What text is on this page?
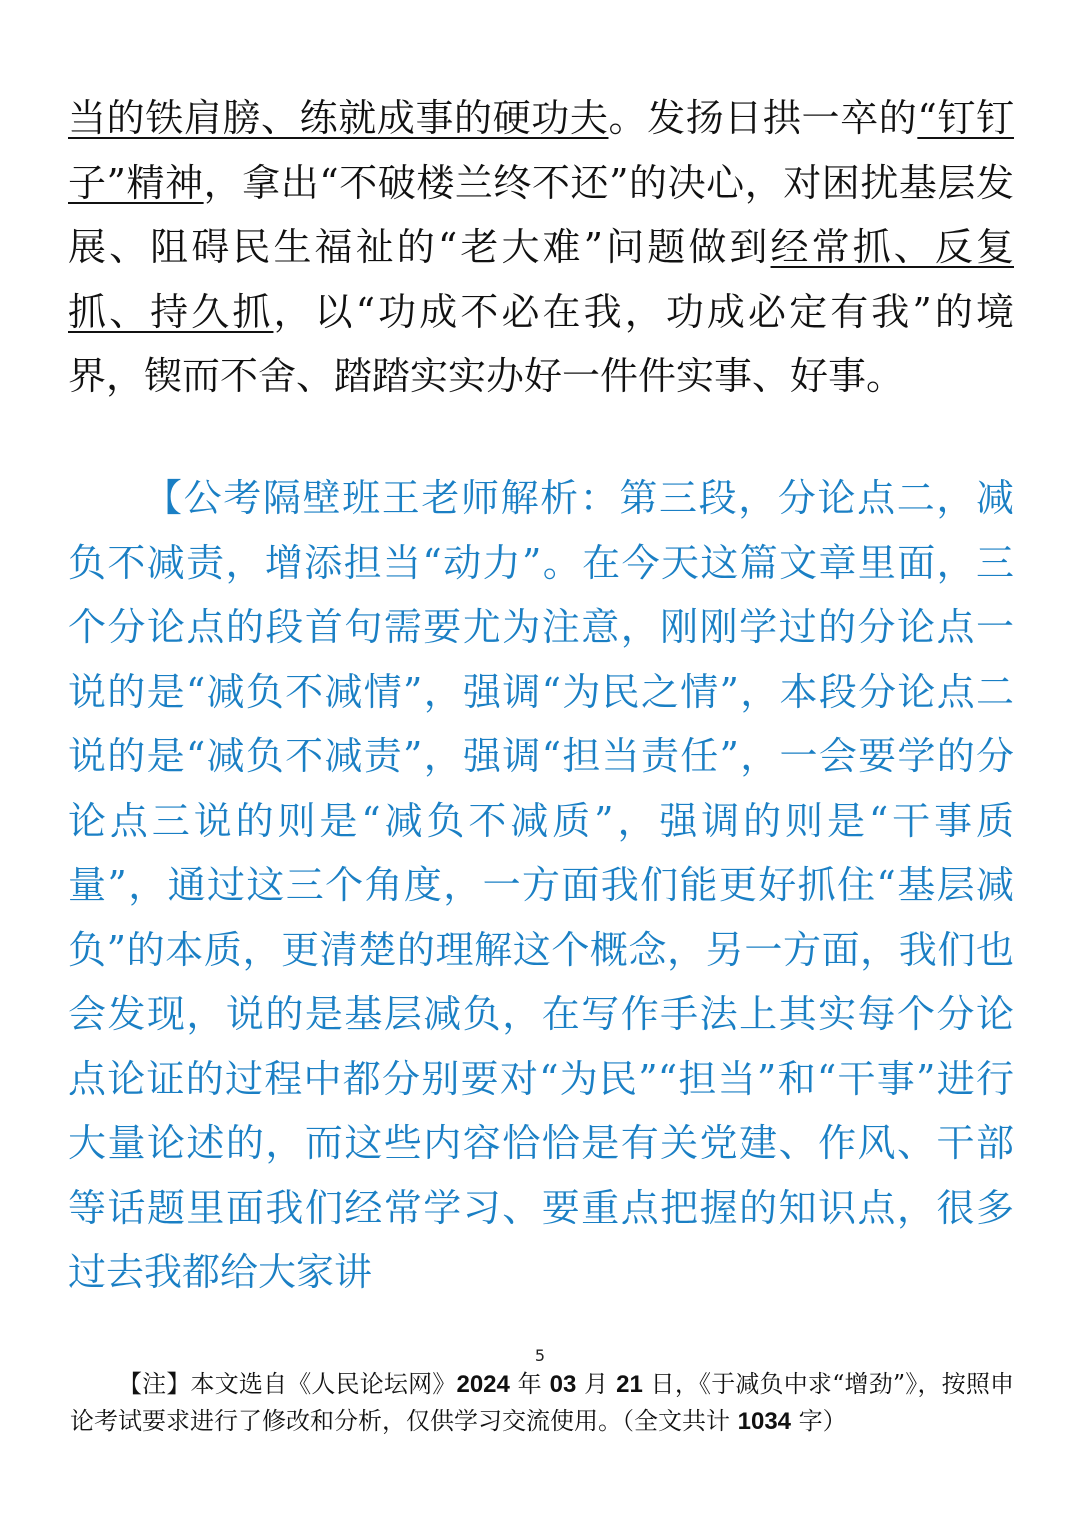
当的铁肩膀、练就成事的硬功夫。发扬日拱一卒的“钉钉子”精神，拿出“不破楼兰终不还”的决心，对困扰基层发展、阻碍民生福祉的“老大难”问题做到经常抓、反复抓、持久抓，以“功成不必在我，功成必定有我”的境界，锲而不舍、踏踏实实办好一件件实事、好事。

【公考隔壁班王老师解析：第三段，分论点二，减负不减责，增添担当“动力”。在今天这篇文章里面，三个分论点的段首句需要尤为注意，刚刚学过的分论点一说的是“减负不减情”，强调“为民之情”，本段分论点二说的是“减负不减责”，强调“担当责任”，一会要学的分论点三说的则是“减负不减质”，强调的则是“干事质量”，通过这三个角度，一方面我们能更好抓住“基层减负”的本质，更清楚的理解这个概念，另一方面，我们也会发现，说的是基层减负，在写作手法上其实每个分论点论证的过程中都分别要对“为民”“担当”和“干事”进行大量论述的，而这些内容恰恰是有关党建、作风、干部等话题里面我们经常学习、要重点把握的知识点，很多过去我都给大家讲

5
【注】本文选自《人民论坛网》2024 年 03 月 21 日，《于减负中求“增劲”》，按照申论考试要求进行了修改和分析，仅供学习交流使用。（全文共计 1034 字）
